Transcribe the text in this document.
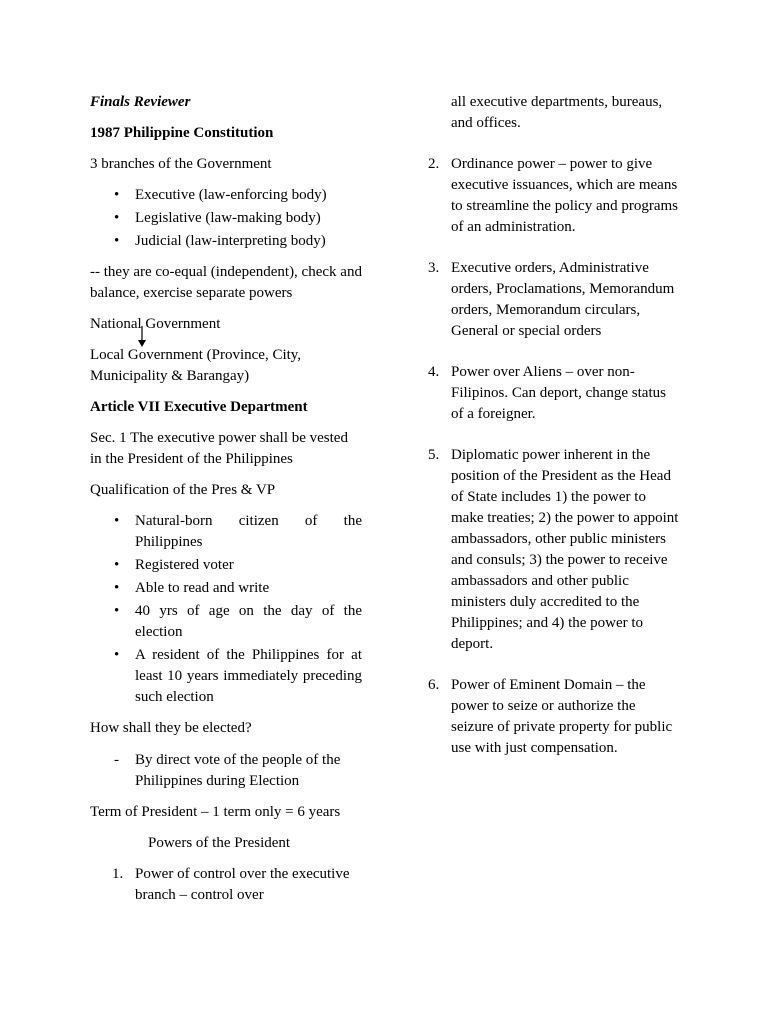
Finals Reviewer

1987 Philippine Constitution

3 branches of the Government

•	Executive (law-enforcing body)
•	Legislative (law-making body)
•	Judicial (law-interpreting body)

-- they are co-equal (independent), check and balance, exercise separate powers

National Government

Local Government (Province, City, Municipality & Barangay)

Article VII Executive Department

Sec. 1 The executive power shall be vested in the President of the Philippines

Qualification of the Pres & VP

•	Natural-born citizen of the Philippines
•	Registered voter
•	Able to read and write
•	40 yrs of age on the day of the election
•	A resident of the Philippines for at least 10 years immediately preceding such election

How shall they be elected?

- By direct vote of the people of the Philippines during Election

Term of President – 1 term only = 6 years

Powers of the President

1. Power of control over the executive branch – control over

all executive departments, bureaus, and offices.

2. Ordinance power – power to give executive issuances, which are means to streamline the policy and programs of an administration.
3. Executive orders, Administrative orders, Proclamations, Memorandum orders, Memorandum circulars, General or special orders
4. Power over Aliens – over non-Filipinos. Can deport, change status of a foreigner.
5. Diplomatic power inherent in the position of the President as the Head of State includes 1) the power to make treaties; 2) the power to appoint ambassadors, other public ministers and consuls; 3) the power to receive ambassadors and other public ministers duly accredited to the Philippines; and 4) the power to deport.
6. Power of Eminent Domain – the power to seize or authorize the seizure of private property for public use with just compensation.
